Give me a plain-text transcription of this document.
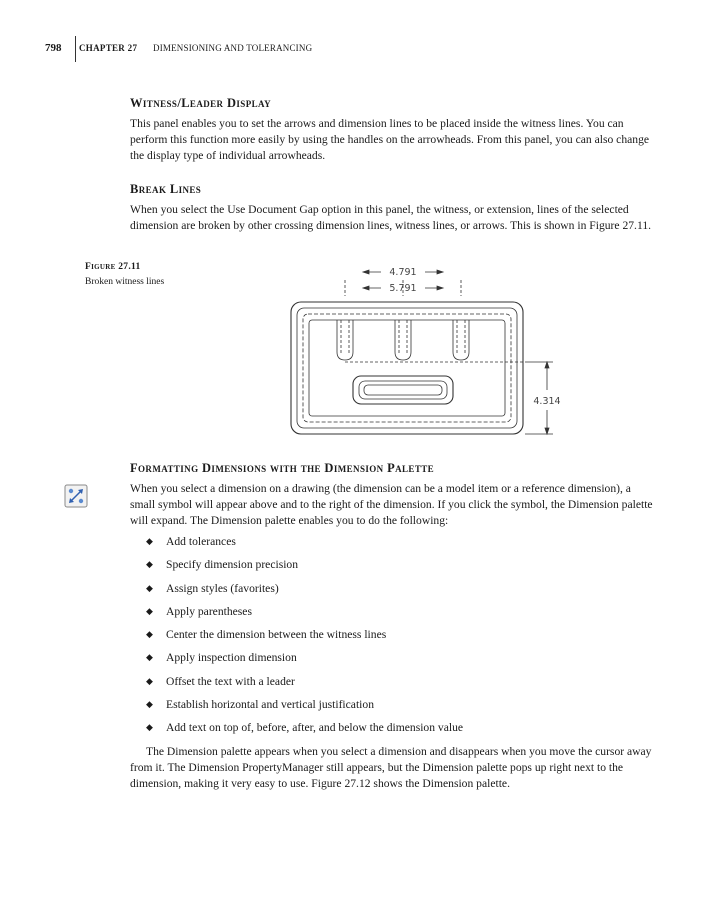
798 CHAPTER 27 DIMENSIONING AND TOLERANCING
Witness/Leader Display

This panel enables you to set the arrows and dimension lines to be placed inside the witness lines. You can perform this function more easily by using the handles on the arrowheads. From this panel, you can also change the display type of individual arrowheads.

Break Lines

When you select the Use Document Gap option in this panel, the witness, or extension, lines of the selected dimension are broken by other crossing dimension lines, witness lines, or arrows. This is shown in Figure 27.11.

Figure 27.11
Broken witness lines
4.791
5.791
4.314
Formatting Dimensions with the Dimension Palette

When you select a dimension on a drawing (the dimension can be a model item or a reference dimension), a small symbol will appear above and to the right of the dimension. If you click the symbol, the Dimension palette will expand. The Dimension palette enables you to do the following:

◆ Add tolerances
◆ Specify dimension precision
◆ Assign styles (favorites)
◆ Apply parentheses
◆ Center the dimension between the witness lines
◆ Apply inspection dimension
◆ Offset the text with a leader
◆ Establish horizontal and vertical justification
◆ Add text on top of, before, after, and below the dimension value

The Dimension palette appears when you select a dimension and disappears when you move the cursor away from it. The Dimension PropertyManager still appears, but the Dimension palette pops up right next to the dimension, making it very easy to use. Figure 27.12 shows the Dimension palette.
